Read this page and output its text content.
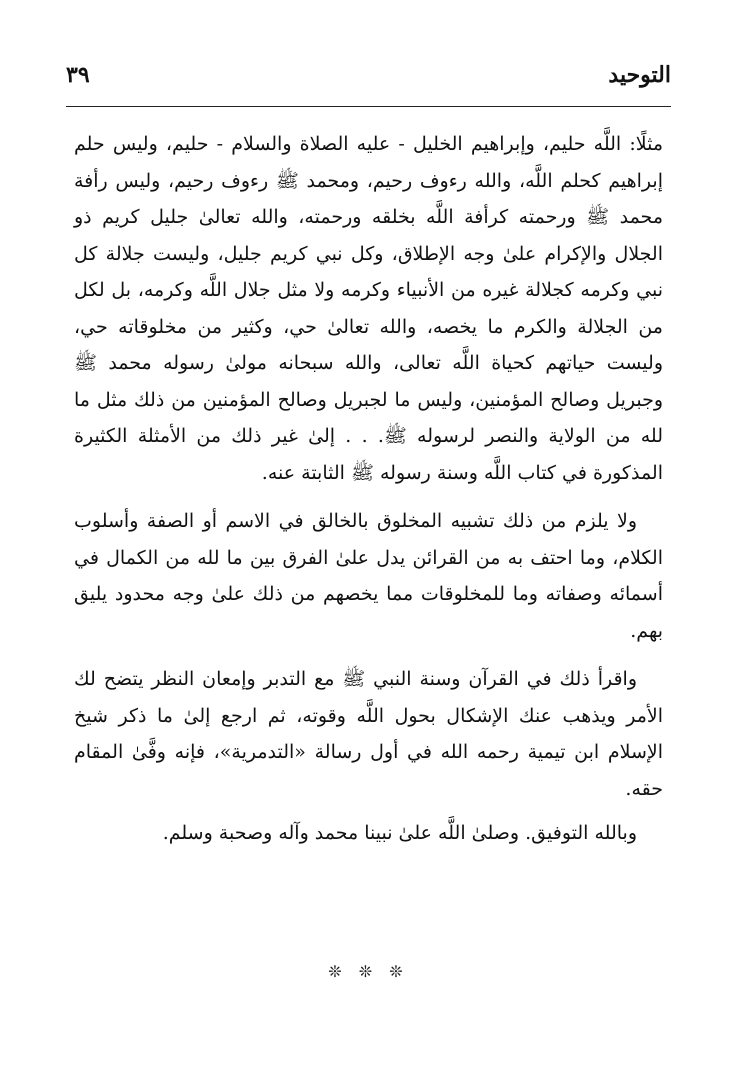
التوحيد
٣٩

مثلًا: اللَّه حليم، وإبراهيم الخليل - عليه الصلاة والسلام - حليم، وليس حلم إبراهيم كحلم اللَّه، والله رءوف رحيم، ومحمد ﷺ رءوف رحيم، وليس رأفة محمد ﷺ ورحمته كرأفة اللَّه بخلقه ورحمته، والله تعالىٰ جليل كريم ذو الجلال والإكرام علىٰ وجه الإطلاق، وكل نبي كريم جليل، وليست جلالة كل نبي وكرمه كجلالة غيره من الأنبياء وكرمه ولا مثل جلال اللَّه وكرمه، بل لكل من الجلالة والكرم ما يخصه، والله تعالىٰ حي، وكثير من مخلوقاته حي، وليست حياتهم كحياة اللَّه تعالى، والله سبحانه مولىٰ رسوله محمد ﷺ وجبريل وصالح المؤمنين، وليس ما لجبريل وصالح المؤمنين من ذلك مثل ما لله من الولاية والنصر لرسوله ﷺ. . . إلىٰ غير ذلك من الأمثلة الكثيرة المذكورة في كتاب اللَّه وسنة رسوله ﷺ الثابتة عنه.

ولا يلزم من ذلك تشبيه المخلوق بالخالق في الاسم أو الصفة وأسلوب الكلام، وما احتف به من القرائن يدل علىٰ الفرق بين ما لله من الكمال في أسمائه وصفاته وما للمخلوقات مما يخصهم من ذلك علىٰ وجه محدود يليق بهم.

واقرأ ذلك في القرآن وسنة النبي ﷺ مع التدبر وإمعان النظر يتضح لك الأمر ويذهب عنك الإشكال بحول اللَّه وقوته، ثم ارجع إلىٰ ما ذكر شيخ الإسلام ابن تيمية رحمه الله في أول رسالة «التدمرية»، فإنه وفَّىٰ المقام حقه.

وبالله التوفيق. وصلىٰ اللَّه علىٰ نبينا محمد وآله وصحبة وسلم.

❊ ❊ ❊
